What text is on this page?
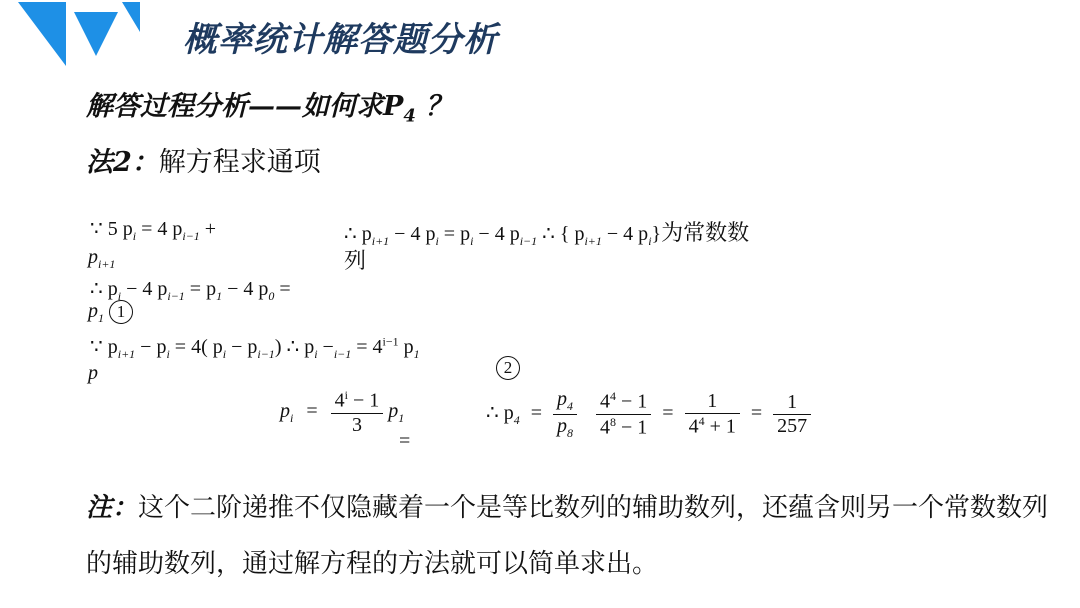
概率统计解答题分析
解答过程分析——如何求$P_4$ ？
法2：解方程求通项
∵ 5 $p_i = 4$ $p_{i-1}$ +
$p_{i+1}$
∴ $p_{i+1} - 4$ $p_i = p_i - 4$ $p_{i-1}$ ∴ { $p_{i+1} - 4$ $p_i$}为常数数
列
∴ $p_i - 4$ $p_{i-1} = p_1 - 4$ $p_0$ =
$p_1$ 1
∵ $p_{i+1} - p_i = 4$( $p_i - p_{i-1}$) ∴ $p_i -_{i-1} = 4^{i-1}$ $p_1$
p	2
$p_i = \frac{4^i - 1}{3} p_1$
=
∴ $p_4 = \frac{p_4}{p_8}$
$\frac{4^4 - 1}{4^8 - 1} = \frac{1}{4^4 + 1} = \frac{1}{257}$
注：这个二阶递推不仅隐藏着一个是等比数列的辅助数列，还蕴含则另一个常数数列的辅助数列，通过解方程的方法就可以简单求出。
